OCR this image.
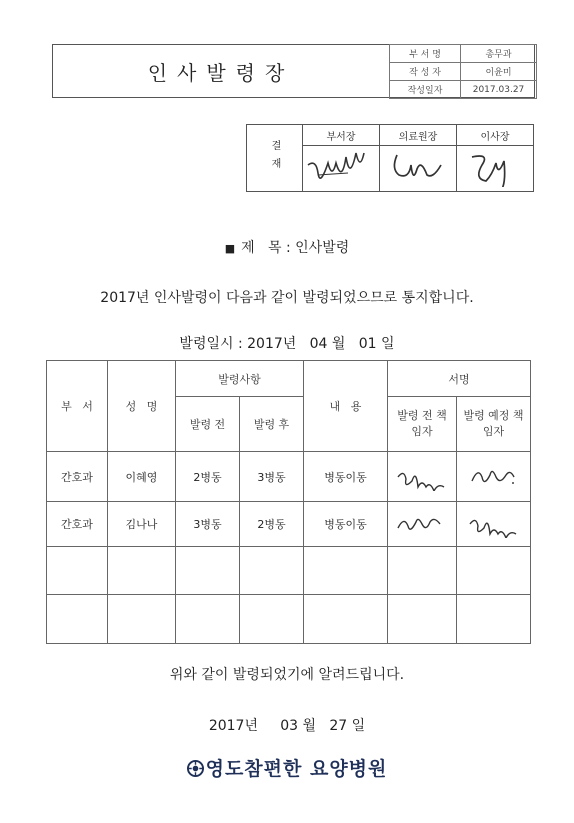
인사발령장
부 서 명	총무과
작 성 자	이윤미
작성일자	2017.03.27
결재	부서장	의료원장	이사장

■ 제   목 : 인사발령
2017년 인사발령이 다음과 같이 발령되었으므로 통지합니다.
발령일시 : 2017년   04 월   01 일
부   서	성   명	발령사항		내   용	서명	
		발령 전	발령 후		발령 전 책임자	발령 예정 책임자
간호과	이혜영	2병동	3병동	병동이동	

간호과	김나나	3병동	2병동	병동이동	

위와 같이 발령되었기에 알려드립니다.
2017년     03 월   27 일
영도참편한 요양병원
